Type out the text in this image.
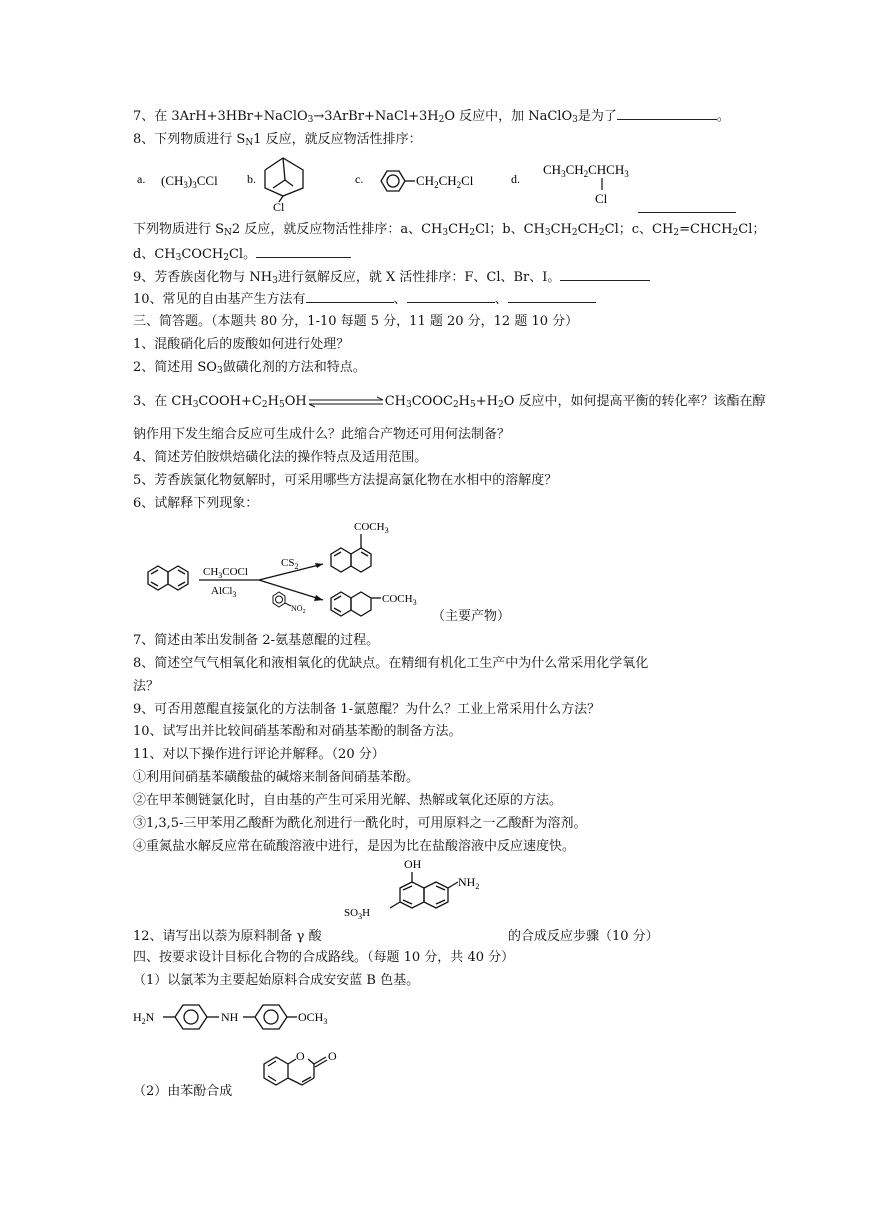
7、在 3ArH+3HBr+NaClO3→3ArBr+NaCl+3H2O 反应中，加 NaClO3是为了	。
8、下列物质进行 SN1 反应，就反应物活性排序：
a. $(CH_3)_3CCl$ b.
Cl
c.	$CH_2CH_2Cl$	d.
$CH_3CH_2CHCH_3$
Cl
下列物质进行 SN2 反应，就反应物活性排序：a、CH3CH2Cl；b、CH3CH2CH2Cl；c、CH2=CHCH2Cl；
d、CH3COCH2Cl。
9、芳香族卤化物与 NH3进行氨解反应，就 X 活性排序：F、Cl、Br、I。
10、常见的自由基产生方法有	、	、
三、简答题。（本题共 80 分，1-10 每题 5 分，11 题 20 分，12 题 10 分）
1、混酸硝化后的废酸如何进行处理？
2、简述用 SO3做磺化剂的方法和特点。
3、在 CH3COOH+C2H5OH	CH3COOC2H5+H2O 反应中，如何提高平衡的转化率？该酯在醇
钠作用下发生缩合反应可生成什么？此缩合产物还可用何法制备？
4、简述芳伯胺烘焙磺化法的操作特点及适用范围。
5、芳香族氯化物氨解时，可采用哪些方法提高氯化物在水相中的溶解度？
6、试解释下列现象：
$CH_3COCl$
AlCl$_3$
$CS_2$
$NO_2$
$COCH_3$
$COCH_3$
（主要产物）
7、简述由苯出发制备 2-氨基蒽醌的过程。
8、简述空气气相氧化和液相氧化的优缺点。在精细有机化工生产中为什么常采用化学氧化
法？
9、可否用蒽醌直接氯化的方法制备 1-氯蒽醌？为什么？工业上常采用什么方法？
10、试写出并比较间硝基苯酚和对硝基苯酚的制备方法。
11、对以下操作进行评论并解释。（20 分）
①利用间硝基苯磺酸盐的碱熔来制备间硝基苯酚。
②在甲苯侧链氯化时，自由基的产生可采用光解、热解或氧化还原的方法。
③1,3,5-三甲苯用乙酸酐为酰化剂进行一酰化时，可用原料之一乙酸酐为溶剂。
④重氮盐水解反应常在硫酸溶液中进行，是因为比在盐酸溶液中反应速度快。
OH
$NH_2$
$SO_3H$
12、请写出以萘为原料制备 γ 酸	的合成反应步骤（10 分）
四、按要求设计目标化合物的合成路线。（每题 10 分，共 40 分）
（1）以氯苯为主要起始原料合成安安蓝 B 色基。
$H_2N$	NH	$OCH_3$
O O
（2）由苯酚合成
